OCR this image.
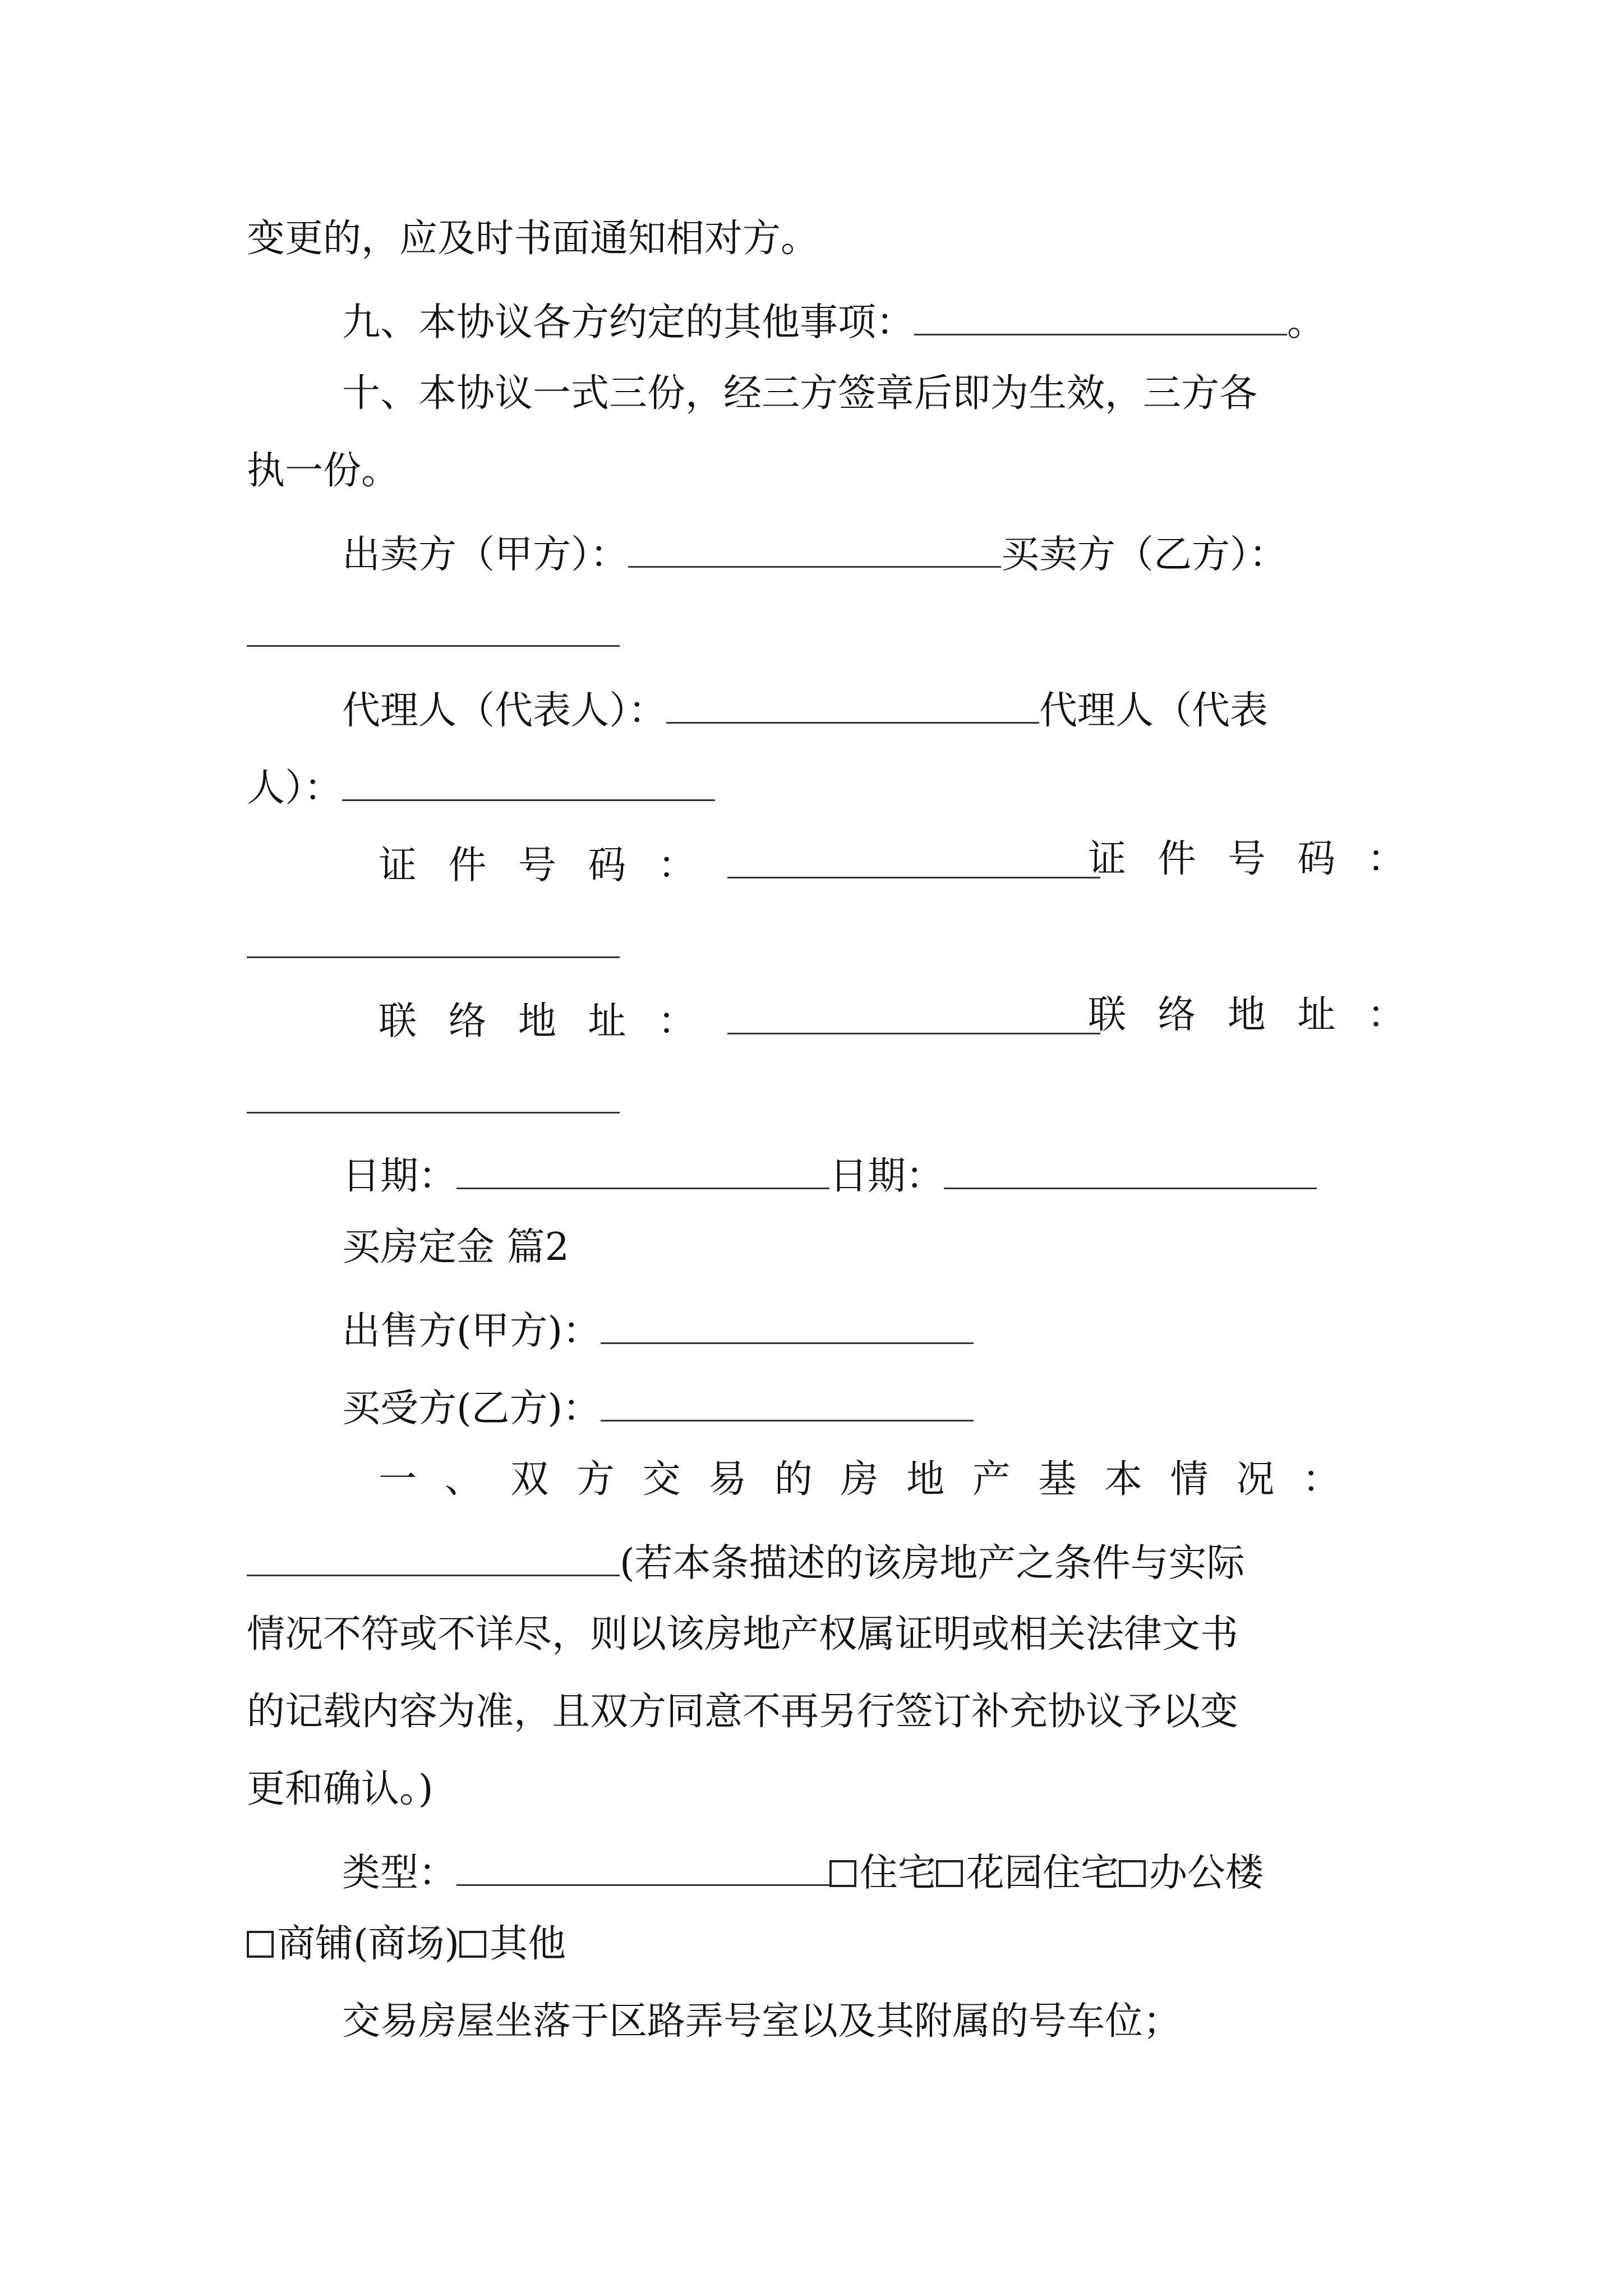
变更的，应及时书面通知相对方。
九、本协议各方约定的其他事项：	。
十、本协议一式三份，经三方签章后即为生效，三方各
执一份。
出卖方（甲方）：	买卖方（乙方）：
代理人（代表人）：	代理人（代表
人）：
证件号码：	证件号码：
联络地址：	联络地址：
日期：	日期：
买房定金 篇2
出售方(甲方)：
买受方(乙方)：
一、双方交易的房地产基本情况：
(若本条描述的该房地产之条件与实际
情况不符或不详尽，则以该房地产权属证明或相关法律文书
的记载内容为准，且双方同意不再另行签订补充协议予以变
更和确认。)
类型：	住宅 花园住宅 办公楼
商铺(商场) 其他
交易房屋坐落于区路弄号室以及其附属的号车位；
